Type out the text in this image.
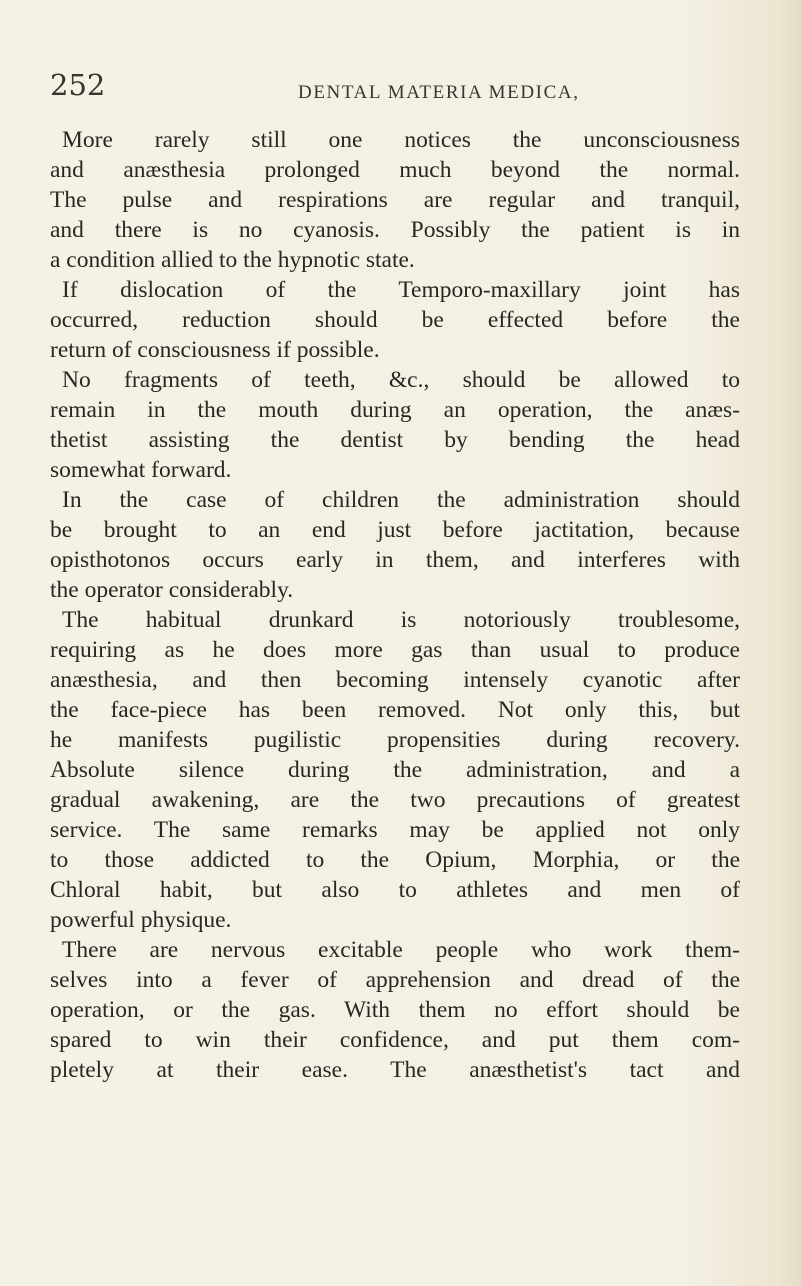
252	DENTAL MATERIA MEDICA,
More rarely still one notices the unconsciousness
and anæsthesia prolonged much beyond the normal.
The pulse and respirations are regular and tranquil,
and there is no cyanosis. Possibly the patient is in
a condition allied to the hypnotic state.
If dislocation of the Temporo-maxillary joint has
occurred, reduction should be effected before the
return of consciousness if possible.
No fragments of teeth, &c., should be allowed to
remain in the mouth during an operation, the anæs-
thetist assisting the dentist by bending the head
somewhat forward.
In the case of children the administration should
be brought to an end just before jactitation, because
opisthotonos occurs early in them, and interferes with
the operator considerably.
The habitual drunkard is notoriously troublesome,
requiring as he does more gas than usual to produce
anæsthesia, and then becoming intensely cyanotic after
the face-piece has been removed. Not only this, but
he manifests pugilistic propensities during recovery.
Absolute silence during the administration, and a
gradual awakening, are the two precautions of greatest
service. The same remarks may be applied not only
to those addicted to the Opium, Morphia, or the
Chloral habit, but also to athletes and men of
powerful physique.
There are nervous excitable people who work them-
selves into a fever of apprehension and dread of the
operation, or the gas. With them no effort should be
spared to win their confidence, and put them com-
pletely at their ease. The anæsthetist's tact and
